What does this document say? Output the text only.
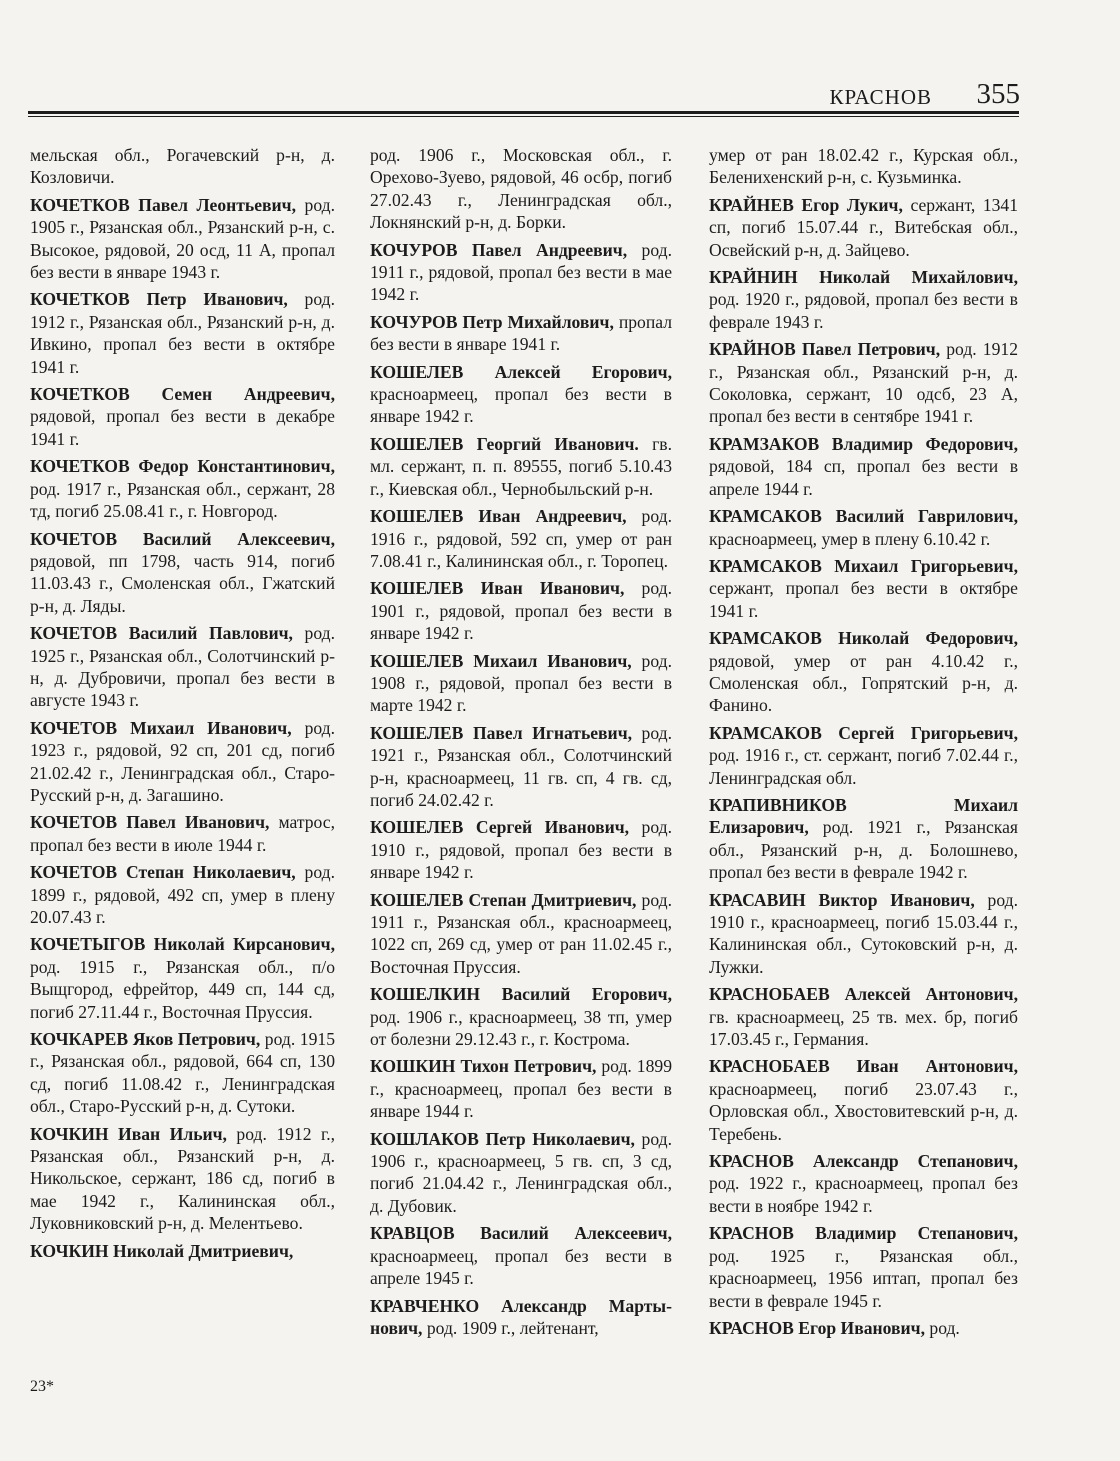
КРАСНОВ 355

мельская обл., Рогачевский р-н, д. Козловичи.

КОЧЕТКОВ Павел Леонтьевич, род. 1905 г., Рязанская обл., Рязанский р-н, с. Высокое, рядовой, 20 осд, 11 А, пропал без вести в январе 1943 г.

КОЧЕТКОВ Петр Иванович, род. 1912 г., Рязанская обл., Рязанский р-н, д. Ивкино, пропал без вести в октябре 1941 г.

КОЧЕТКОВ Семен Андреевич, рядовой, пропал без вести в декабре 1941 г.

КОЧЕТКОВ Федор Константинович, род. 1917 г., Рязанская обл., сержант, 28 тд, погиб 25.08.41 г., г. Новгород.

КОЧЕТОВ Василий Алексеевич, рядовой, пп 1798, часть 914, погиб 11.03.43 г., Смоленская обл., Гжатский р-н, д. Ляды.

КОЧЕТОВ Василий Павлович, род. 1925 г., Рязанская обл., Солотчинский р-н, д. Дубровичи, пропал без вести в августе 1943 г.

КОЧЕТОВ Михаил Иванович, род. 1923 г., рядовой, 92 сп, 201 сд, погиб 21.02.42 г., Ленинградская обл., Старо-Русский р-н, д. Загашино.

КОЧЕТОВ Павел Иванович, матрос, пропал без вести в июле 1944 г.

КОЧЕТОВ Степан Николаевич, род. 1899 г., рядовой, 492 сп, умер в плену 20.07.43 г.

КОЧЕТЫГОВ Николай Кирсанович, род. 1915 г., Рязанская обл., п/о Выщгород, ефрейтор, 449 сп, 144 сд, погиб 27.11.44 г., Восточная Пруссия.

КОЧКАРЕВ Яков Петрович, род. 1915 г., Рязанская обл., рядовой, 664 сп, 130 сд, погиб 11.08.42 г., Ленинградская обл., Старо-Русский р-н, д. Сутоки.

КОЧКИН Иван Ильич, род. 1912 г., Рязанская обл., Рязанский р-н, д. Никольское, сержант, 186 сд, погиб в мае 1942 г., Калининская обл., Луковниковский р-н, д. Мелентьево.

КОЧКИН Николай Дмитриевич,

род. 1906 г., Московская обл., г. Орехово-Зуево, рядовой, 46 осбр, погиб 27.02.43 г., Ленинградская обл., Локнянский р-н, д. Борки.

КОЧУРОВ Павел Андреевич, род. 1911 г., рядовой, пропал без вести в мае 1942 г.

КОЧУРОВ Петр Михайлович, пропал без вести в январе 1941 г.

КОШЕЛЕВ Алексей Егорович, красноармеец, пропал без вести в январе 1942 г.

КОШЕЛЕВ Георгий Иванович. гв. мл. сержант, п. п. 89555, погиб 5.10.43 г., Киевская обл., Чернобыльский р-н.

КОШЕЛЕВ Иван Андреевич, род. 1916 г., рядовой, 592 сп, умер от ран 7.08.41 г., Калининская обл., г. Торопец.

КОШЕЛЕВ Иван Иванович, род. 1901 г., рядовой, пропал без вести в январе 1942 г.

КОШЕЛЕВ Михаил Иванович, род. 1908 г., рядовой, пропал без вести в марте 1942 г.

КОШЕЛЕВ Павел Игнатьевич, род. 1921 г., Рязанская обл., Солотчинский р-н, красноармеец, 11 гв. сп, 4 гв. сд, погиб 24.02.42 г.

КОШЕЛЕВ Сергей Иванович, род. 1910 г., рядовой, пропал без вести в январе 1942 г.

КОШЕЛЕВ Степан Дмитриевич, род. 1911 г., Рязанская обл., красноармеец, 1022 сп, 269 сд, умер от ран 11.02.45 г., Восточная Пруссия.

КОШЕЛКИН Василий Егорович, род. 1906 г., красноармеец, 38 тп, умер от болезни 29.12.43 г., г. Кострома.

КОШКИН Тихон Петрович, род. 1899 г., красноармеец, пропал без вести в январе 1944 г.

КОШЛАКОВ Петр Николаевич, род. 1906 г., красноармеец, 5 гв. сп, 3 сд, погиб 21.04.42 г., Ленинградская обл., д. Дубовик.

КРАВЦОВ Василий Алексеевич, красноармеец, пропал без вести в апреле 1945 г.

КРАВЧЕНКО Александр Мартынович, род. 1909 г., лейтенант,

умер от ран 18.02.42 г., Курская обл., Беленихенский р-н, с. Кузьминка.

КРАЙНЕВ Егор Лукич, сержант, 1341 сп, погиб 15.07.44 г., Витебская обл., Освейский р-н, д. Зайцево.

КРАЙНИН Николай Михайлович, род. 1920 г., рядовой, пропал без вести в феврале 1943 г.

КРАЙНОВ Павел Петрович, род. 1912 г., Рязанская обл., Рязанский р-н, д. Соколовка, сержант, 10 одсб, 23 А, пропал без вести в сентябре 1941 г.

КРАМЗАКОВ Владимир Федорович, рядовой, 184 сп, пропал без вести в апреле 1944 г.

КРАМСАКОВ Василий Гаврилович, красноармеец, умер в плену 6.10.42 г.

КРАМСАКОВ Михаил Григорьевич, сержант, пропал без вести в октябре 1941 г.

КРАМСАКОВ Николай Федорович, рядовой, умер от ран 4.10.42 г., Смоленская обл., Гопрятский р-н, д. Фанино.

КРАМСАКОВ Сергей Григорьевич, род. 1916 г., ст. сержант, погиб 7.02.44 г., Ленинградская обл.

КРАПИВНИКОВ Михаил Елизарович, род. 1921 г., Рязанская обл., Рязанский р-н, д. Болошнево, пропал без вести в феврале 1942 г.

КРАСАВИН Виктор Иванович, род. 1910 г., красноармеец, погиб 15.03.44 г., Калининская обл., Сутоковский р-н, д. Лужки.

КРАСНОБАЕВ Алексей Антонович, гв. красноармеец, 25 тв. мех. бр, погиб 17.03.45 г., Германия.

КРАСНОБАЕВ Иван Антонович, красноармеец, погиб 23.07.43 г., Орловская обл., Хвостовитевский р-н, д. Теребень.

КРАСНОВ Александр Степанович, род. 1922 г., красноармеец, пропал без вести в ноябре 1942 г.

КРАСНОВ Владимир Степанович, род. 1925 г., Рязанская обл., красноармеец, 1956 иптап, пропал без вести в феврале 1945 г.

КРАСНОВ Егор Иванович, род.

23*
